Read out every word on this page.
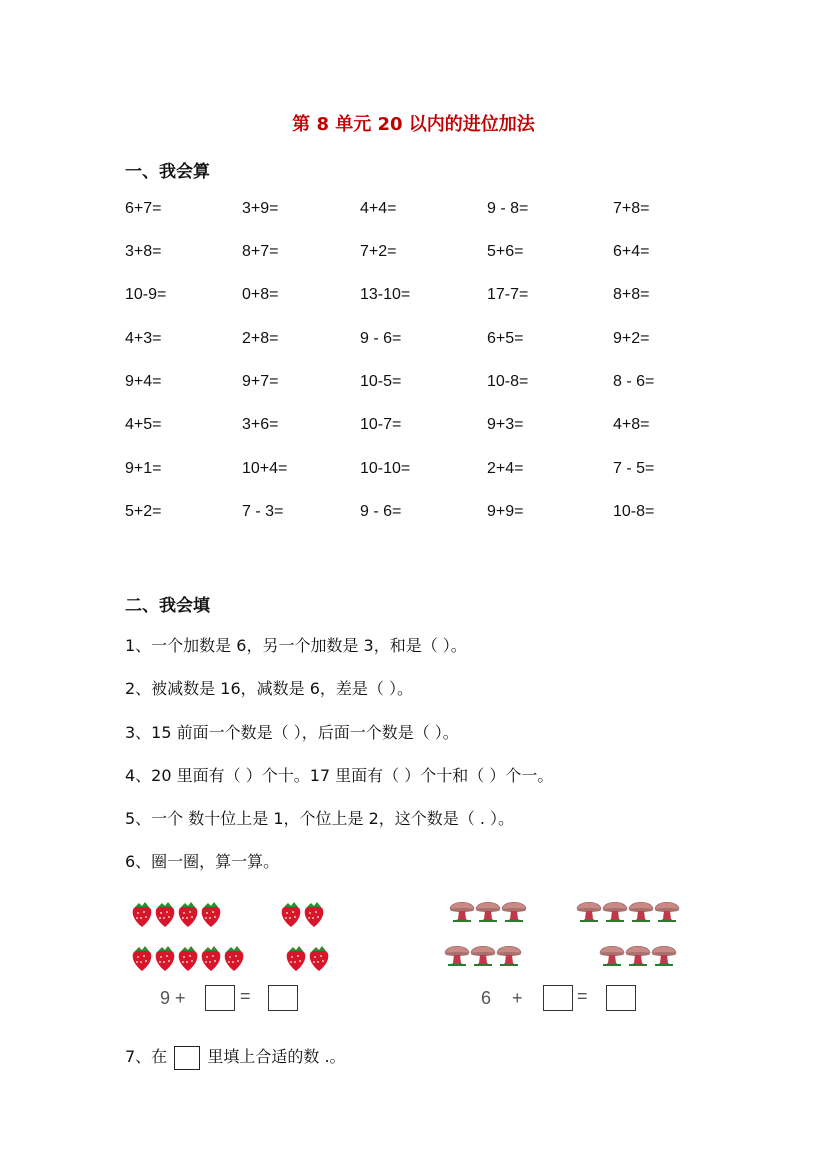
第 8 单元 20 以内的进位加法
一、我会算
6+7=	3+9=	4+4=	9 - 8=	7+8=
3+8=	8+7=	7+2=	5+6=	6+4=
10-9=	0+8=	13-10=	17-7=	8+8=
4+3=	2+8=	9 - 6=	6+5=	9+2=
9+4=	9+7=	10-5=	10-8=	8 - 6=
4+5=	3+6=	10-7=	9+3=	4+8=
9+1=	10+4=	10-10=	2+4=	7 - 5=
5+2=	7 - 3=	9 - 6=	9+9=	10-8=
二、我会填
1、一个加数是 6，另一个加数是 3，和是（ ）。
2、被减数是 16，减数是 6，差是（ ）。
3、15 前面一个数是（ ），后面一个数是（ ）。
4、20 里面有（ ）个十。17 里面有（ ）个十和（ ）个一。
5、一个 数十位上是 1，个位上是 2，这个数是（ . ）。
6、圈一圈，算一算。
9 +	=	6 +	=
7、在	里填上合适的数 .。
